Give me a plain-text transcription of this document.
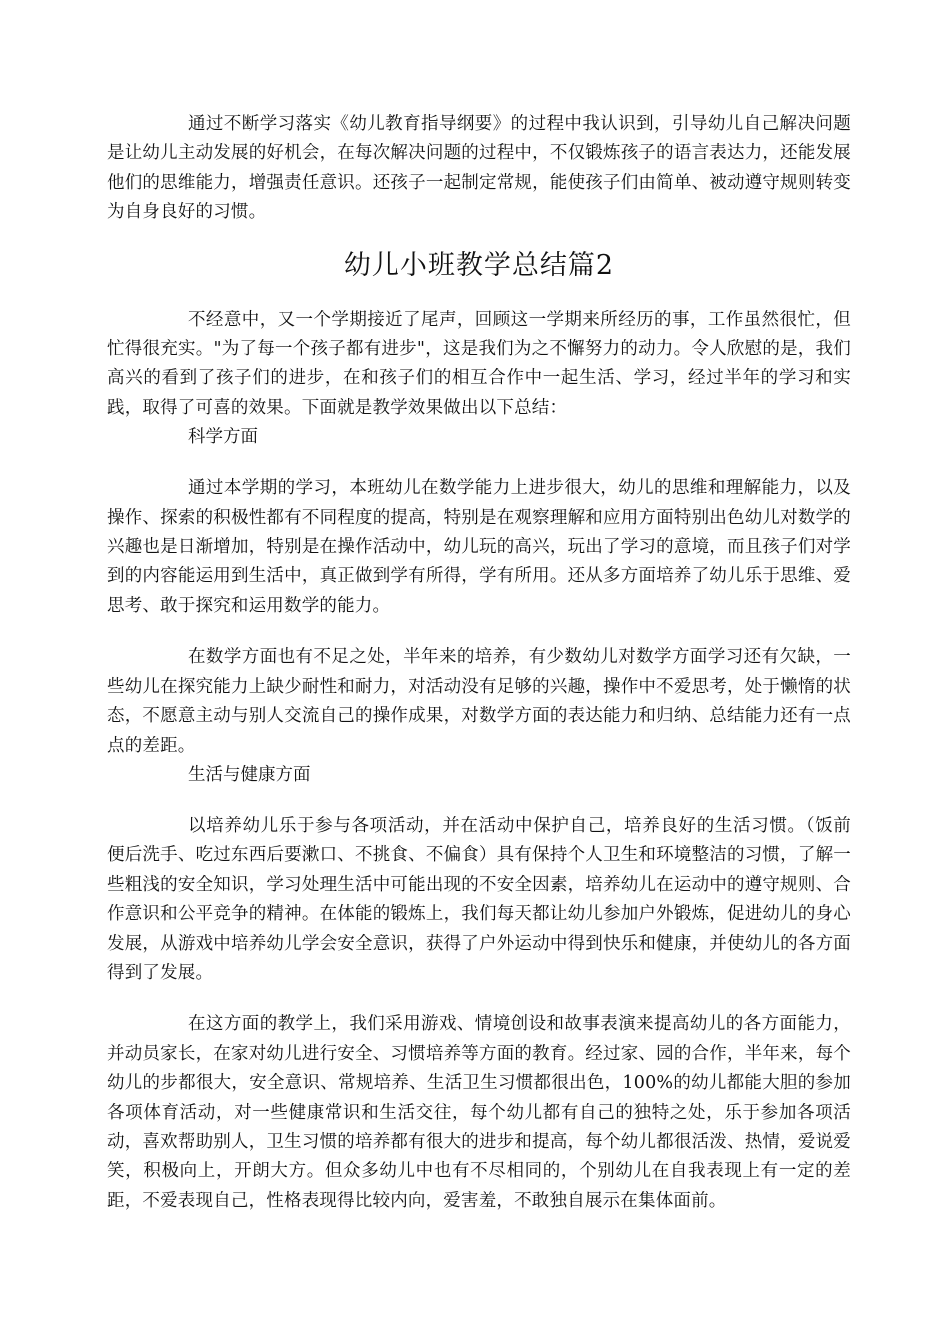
通过不断学习落实《幼儿教育指导纲要》的过程中我认识到，引导幼儿自己解决问题是让幼儿主动发展的好机会，在每次解决问题的过程中，不仅锻炼孩子的语言表达力，还能发展他们的思维能力，增强责任意识。还孩子一起制定常规，能使孩子们由简单、被动遵守规则转变为自身良好的习惯。

幼儿小班教学总结篇2

不经意中，又一个学期接近了尾声，回顾这一学期来所经历的事，工作虽然很忙，但忙得很充实。"为了每一个孩子都有进步"，这是我们为之不懈努力的动力。令人欣慰的是，我们高兴的看到了孩子们的进步，在和孩子们的相互合作中一起生活、学习，经过半年的学习和实践，取得了可喜的效果。下面就是教学效果做出以下总结：

科学方面

通过本学期的学习，本班幼儿在数学能力上进步很大，幼儿的思维和理解能力，以及操作、探索的积极性都有不同程度的提高，特别是在观察理解和应用方面特别出色幼儿对数学的兴趣也是日渐增加，特别是在操作活动中，幼儿玩的高兴，玩出了学习的意境，而且孩子们对学到的内容能运用到生活中，真正做到学有所得，学有所用。还从多方面培养了幼儿乐于思维、爱思考、敢于探究和运用数学的能力。

在数学方面也有不足之处，半年来的培养，有少数幼儿对数学方面学习还有欠缺，一些幼儿在探究能力上缺少耐性和耐力，对活动没有足够的兴趣，操作中不爱思考，处于懒惰的状态，不愿意主动与别人交流自己的操作成果，对数学方面的表达能力和归纳、总结能力还有一点点的差距。

生活与健康方面

以培养幼儿乐于参与各项活动，并在活动中保护自己，培养良好的生活习惯。（饭前便后洗手、吃过东西后要漱口、不挑食、不偏食）具有保持个人卫生和环境整洁的习惯，了解一些粗浅的安全知识，学习处理生活中可能出现的不安全因素，培养幼儿在运动中的遵守规则、合作意识和公平竞争的精神。在体能的锻炼上，我们每天都让幼儿参加户外锻炼，促进幼儿的身心发展，从游戏中培养幼儿学会安全意识，获得了户外运动中得到快乐和健康，并使幼儿的各方面得到了发展。

在这方面的教学上，我们采用游戏、情境创设和故事表演来提高幼儿的各方面能力，并动员家长，在家对幼儿进行安全、习惯培养等方面的教育。经过家、园的合作，半年来，每个幼儿的步都很大，安全意识、常规培养、生活卫生习惯都很出色，100%的幼儿都能大胆的参加各项体育活动，对一些健康常识和生活交往，每个幼儿都有自己的独特之处，乐于参加各项活动，喜欢帮助别人，卫生习惯的培养都有很大的进步和提高，每个幼儿都很活泼、热情，爱说爱笑，积极向上，开朗大方。但众多幼儿中也有不尽相同的，个别幼儿在自我表现上有一定的差距，不爱表现自己，性格表现得比较内向，爱害羞，不敢独自展示在集体面前。
